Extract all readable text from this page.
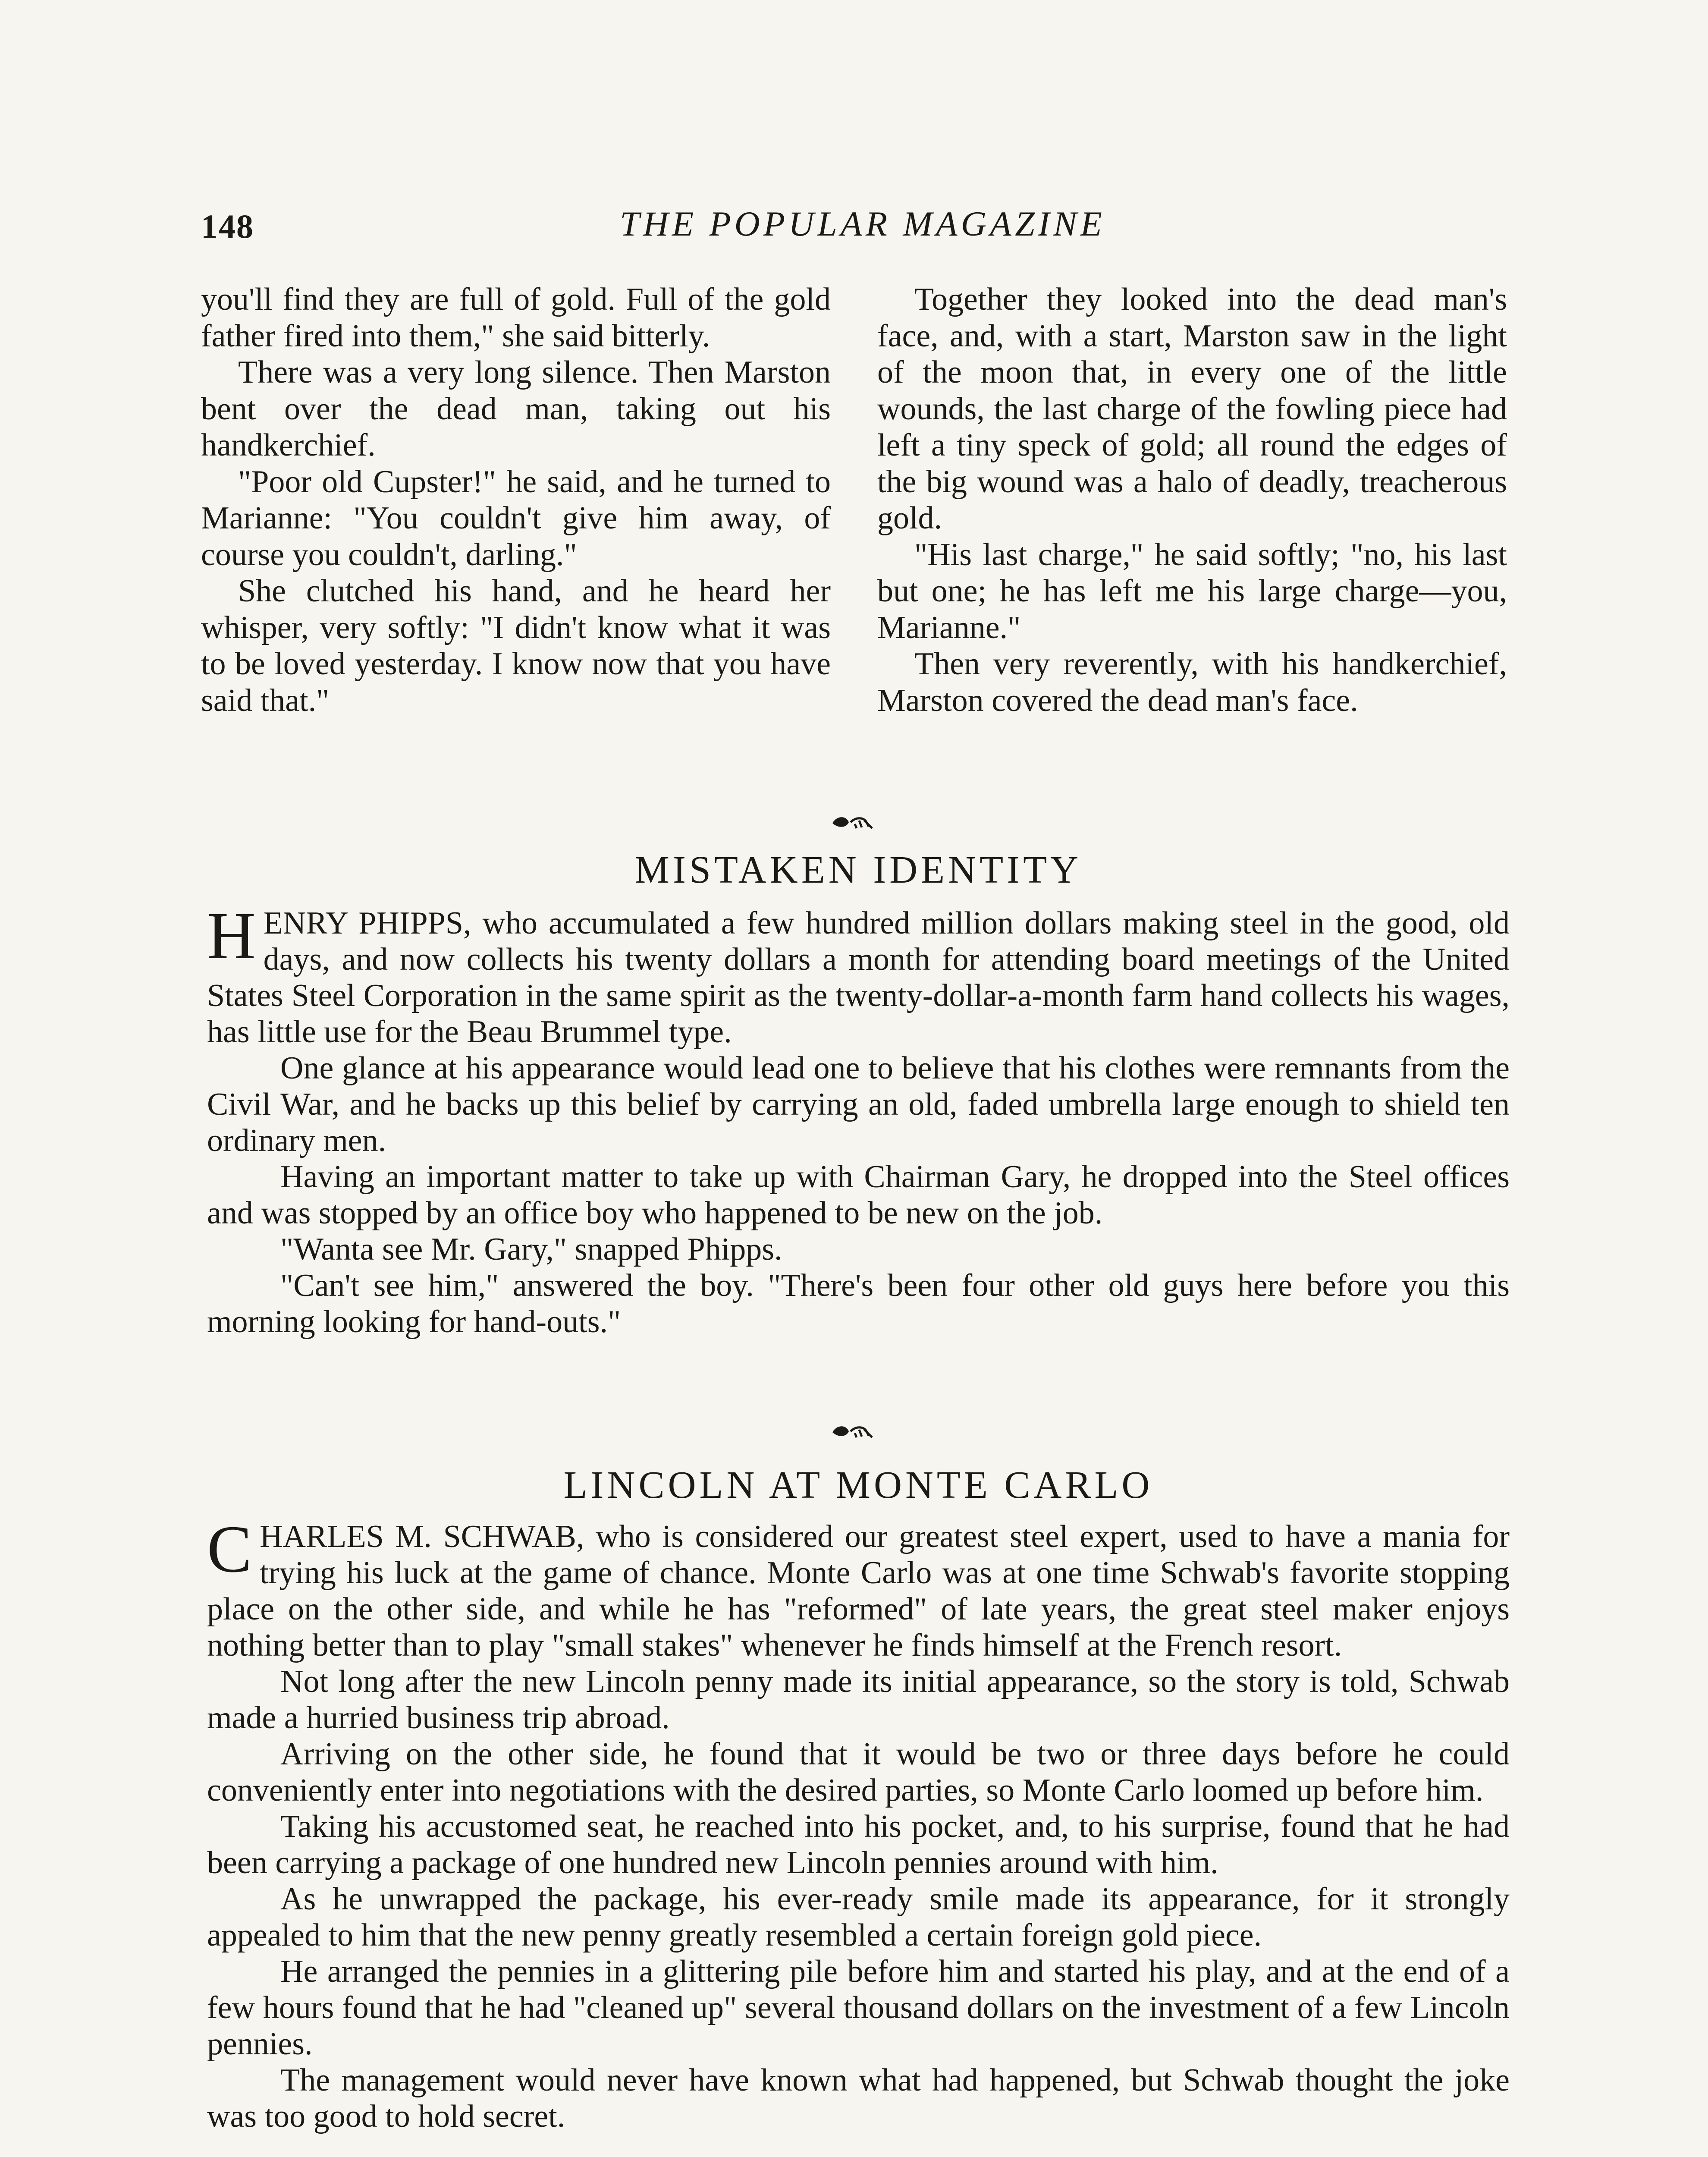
148	THE POPULAR MAGAZINE

you'll find they are full of gold. Full of the gold father fired into them," she said bitterly.

There was a very long silence. Then Marston bent over the dead man, taking out his handkerchief.

"Poor old Cupster!" he said, and he turned to Marianne: "You couldn't give him away, of course you couldn't, darling."

She clutched his hand, and he heard her whisper, very softly: "I didn't know what it was to be loved yesterday. I know now that you have said that."

Together they looked into the dead man's face, and, with a start, Marston saw in the light of the moon that, in every one of the little wounds, the last charge of the fowling piece had left a tiny speck of gold; all round the edges of the big wound was a halo of deadly, treacherous gold.

"His last charge," he said softly; "no, his last but one; he has left me his large charge—you, Marianne."

Then very reverently, with his handkerchief, Marston covered the dead man's face.

MISTAKEN IDENTITY

HENRY PHIPPS, who accumulated a few hundred million dollars making steel in the good, old days, and now collects his twenty dollars a month for attending board meetings of the United States Steel Corporation in the same spirit as the twenty-dollar-a-month farm hand collects his wages, has little use for the Beau Brummel type.

One glance at his appearance would lead one to believe that his clothes were remnants from the Civil War, and he backs up this belief by carrying an old, faded umbrella large enough to shield ten ordinary men.

Having an important matter to take up with Chairman Gary, he dropped into the Steel offices and was stopped by an office boy who happened to be new on the job.

"Wanta see Mr. Gary," snapped Phipps.

"Can't see him," answered the boy. "There's been four other old guys here before you this morning looking for hand-outs."

LINCOLN AT MONTE CARLO

CHARLES M. SCHWAB, who is considered our greatest steel expert, used to have a mania for trying his luck at the game of chance. Monte Carlo was at one time Schwab's favorite stopping place on the other side, and while he has "reformed" of late years, the great steel maker enjoys nothing better than to play "small stakes" whenever he finds himself at the French resort.

Not long after the new Lincoln penny made its initial appearance, so the story is told, Schwab made a hurried business trip abroad.

Arriving on the other side, he found that it would be two or three days before he could conveniently enter into negotiations with the desired parties, so Monte Carlo loomed up before him.

Taking his accustomed seat, he reached into his pocket, and, to his surprise, found that he had been carrying a package of one hundred new Lincoln pennies around with him.

As he unwrapped the package, his ever-ready smile made its appearance, for it strongly appealed to him that the new penny greatly resembled a certain foreign gold piece.

He arranged the pennies in a glittering pile before him and started his play, and at the end of a few hours found that he had "cleaned up" several thousand dollars on the investment of a few Lincoln pennies.

The management would never have known what had happened, but Schwab thought the joke was too good to hold secret.
